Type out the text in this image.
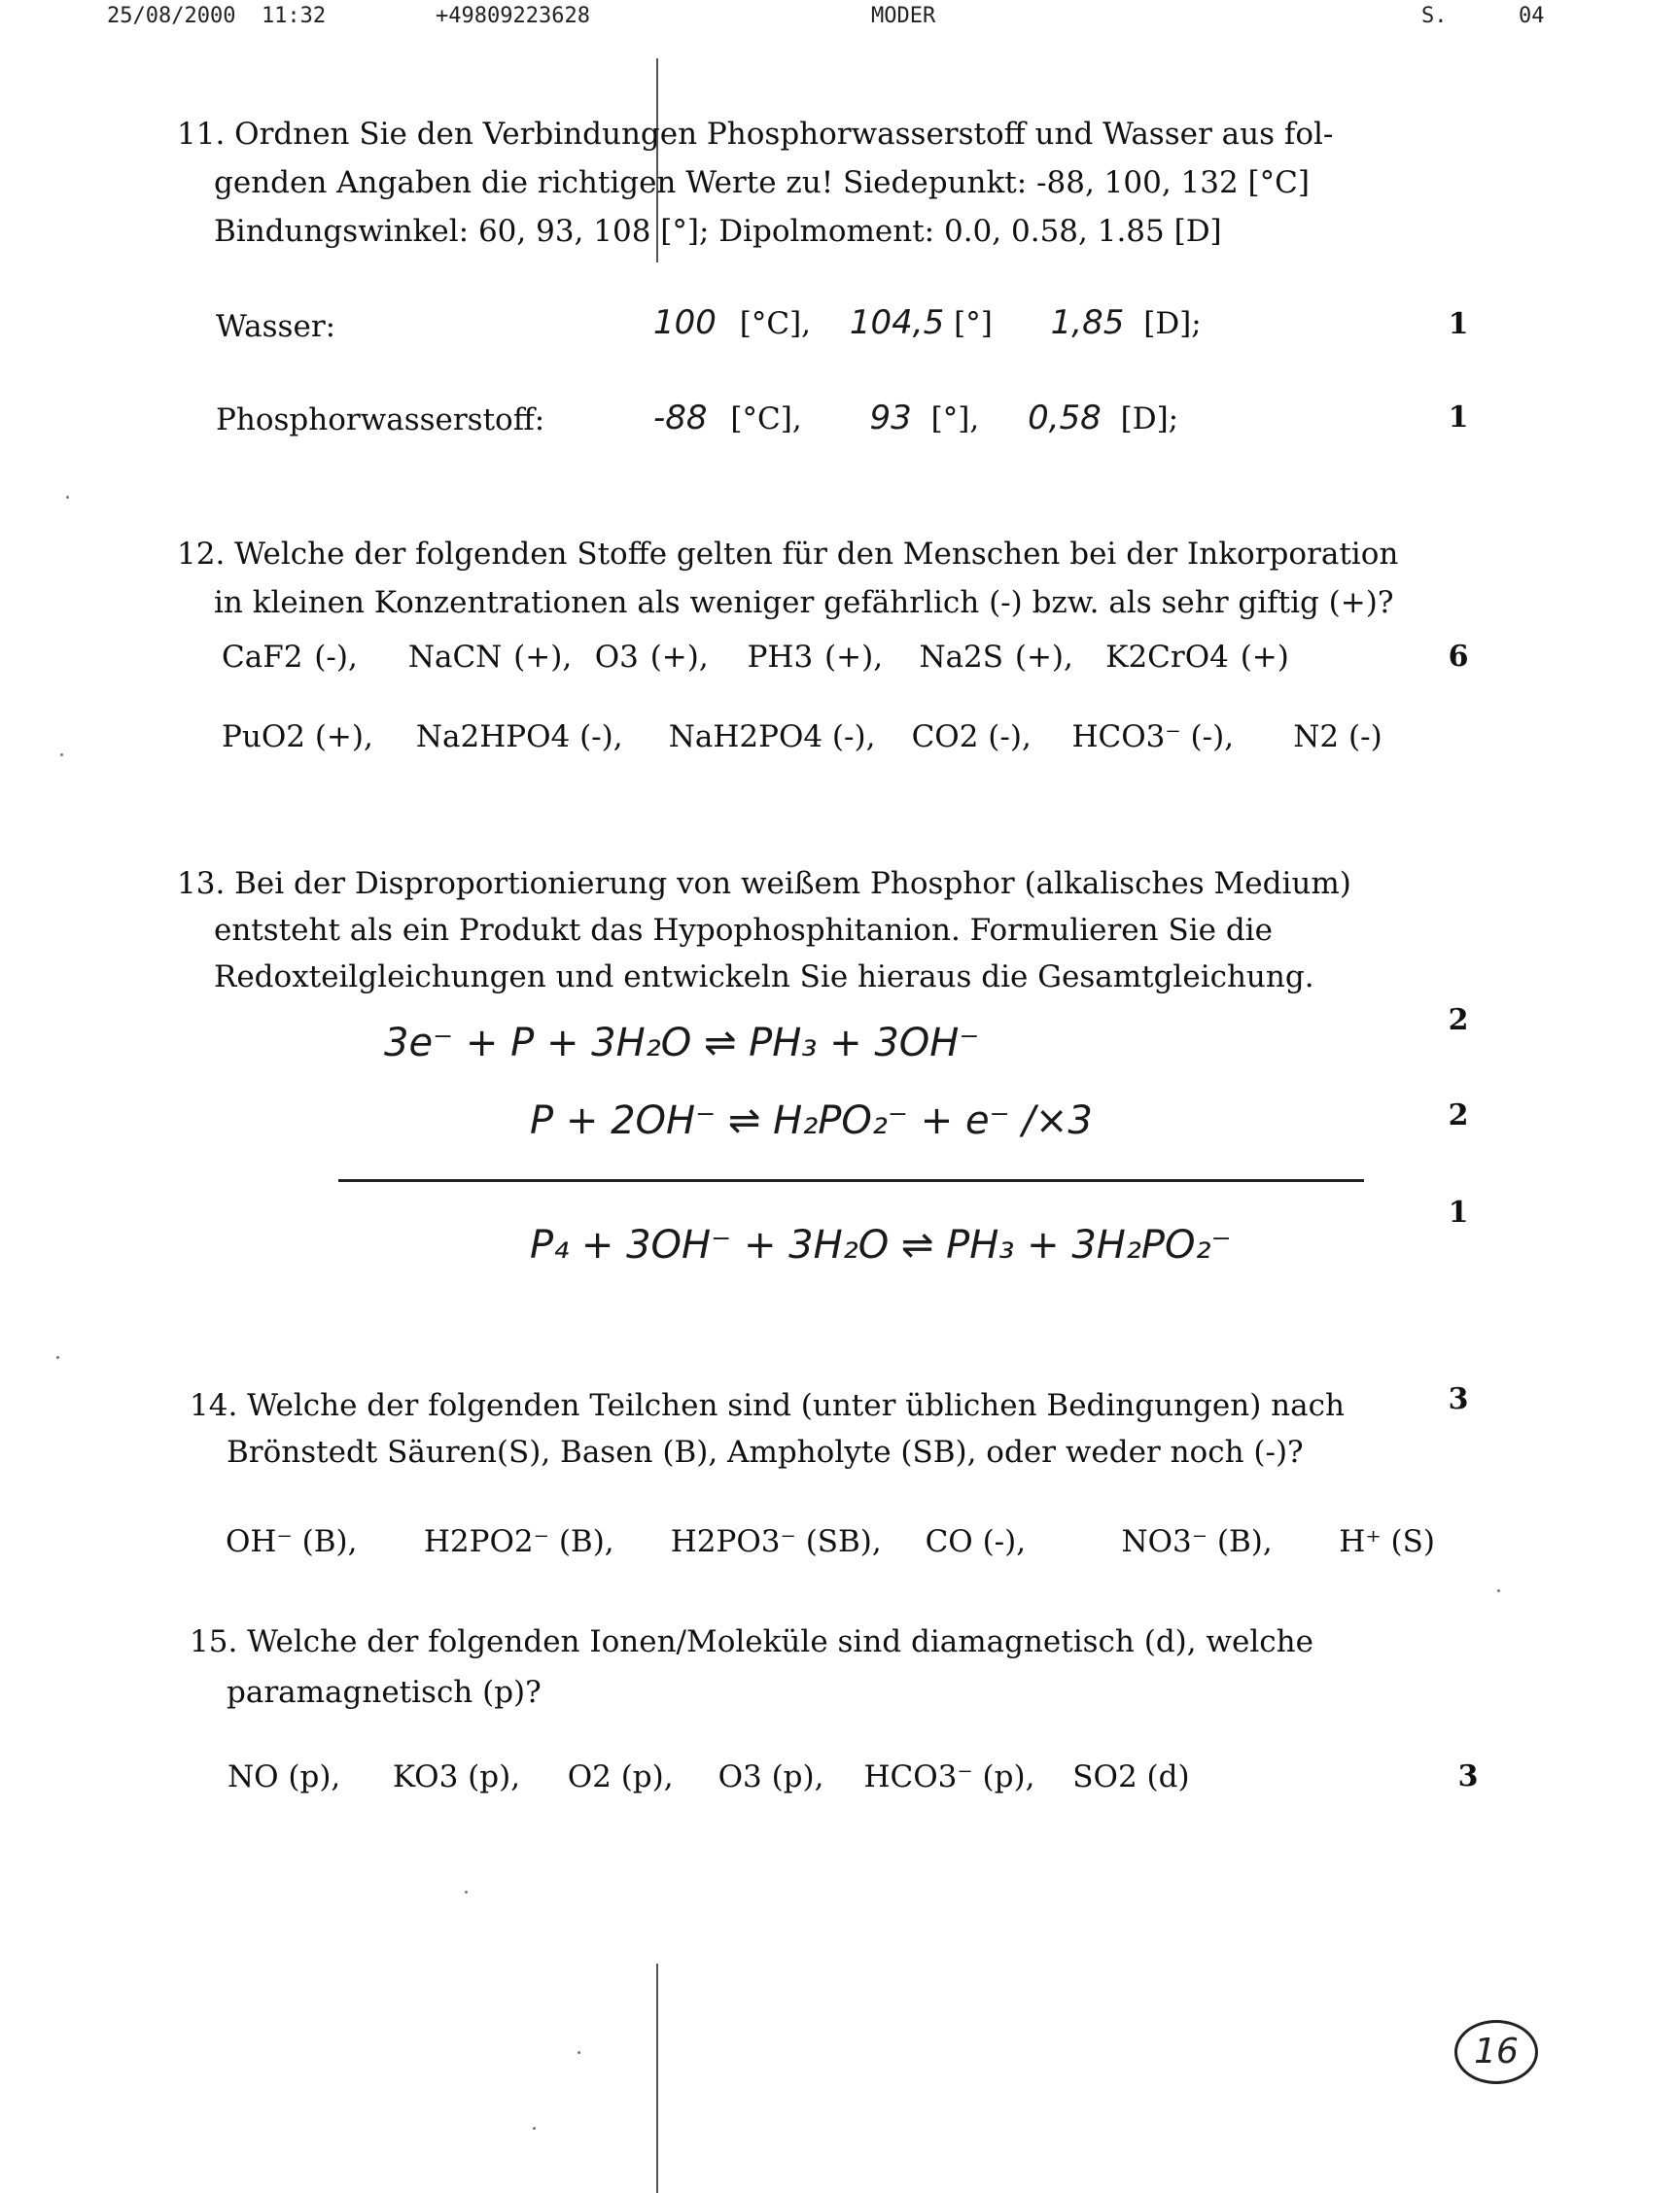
25/08/2000  11:32	+49809223628	MODER	S.	04

11. Ordnen Sie den Verbindungen Phosphorwasserstoff und Wasser aus fol-

genden Angaben die richtigen Werte zu! Siedepunkt: -88, 100, 132 [°C]

Bindungswinkel: 60, 93, 108 [°]; Dipolmoment: 0.0, 0.58, 1.85 [D]

Wasser:	100 [°C], 104,5 [°] 1,85 [D];	1
Phosphorwasserstoff:	-88 [°C], 93 [°], 0,58 [D];	1

12. Welche der folgenden Stoffe gelten für den Menschen bei der Inkorporation

in kleinen Konzentrationen als weniger gefährlich (-) bzw. als sehr giftig (+)?

CaF2 (-), NaCN (+), O3 (+), PH3 (+), Na2S (+), K2CrO4 (+)	6
PuO2 (+), Na2HPO4 (-), NaH2PO4 (-), CO2 (-), HCO3⁻ (-), N2 (-)

13. Bei der Disproportionierung von weißem Phosphor (alkalisches Medium)

entsteht als ein Produkt das Hypophosphitanion. Formulieren Sie die

Redoxteilgleichungen und entwickeln Sie hieraus die Gesamtgleichung.

2
3e⁻ + P + 3H₂O ⇌ PH₃ + 3OH⁻
P + 2OH⁻ ⇌ H₂PO₂⁻ + e⁻ /×3	2
1
P₄ + 3OH⁻ + 3H₂O ⇌ PH₃ + 3H₂PO₂⁻

14. Welche der folgenden Teilchen sind (unter üblichen Bedingungen) nach

Brönstedt Säuren(S), Basen (B), Ampholyte (SB), oder weder noch (-)?

3
OH⁻ (B), H2PO2⁻ (B), H2PO3⁻ (SB), CO (-),	NO3⁻ (B), H⁺ (S)

15. Welche der folgenden Ionen/Moleküle sind diamagnetisch (d), welche

paramagnetisch (p)?

NO (p), KO3 (p), O2 (p), O3 (p), HCO3⁻ (p), SO2 (d)	3
16
